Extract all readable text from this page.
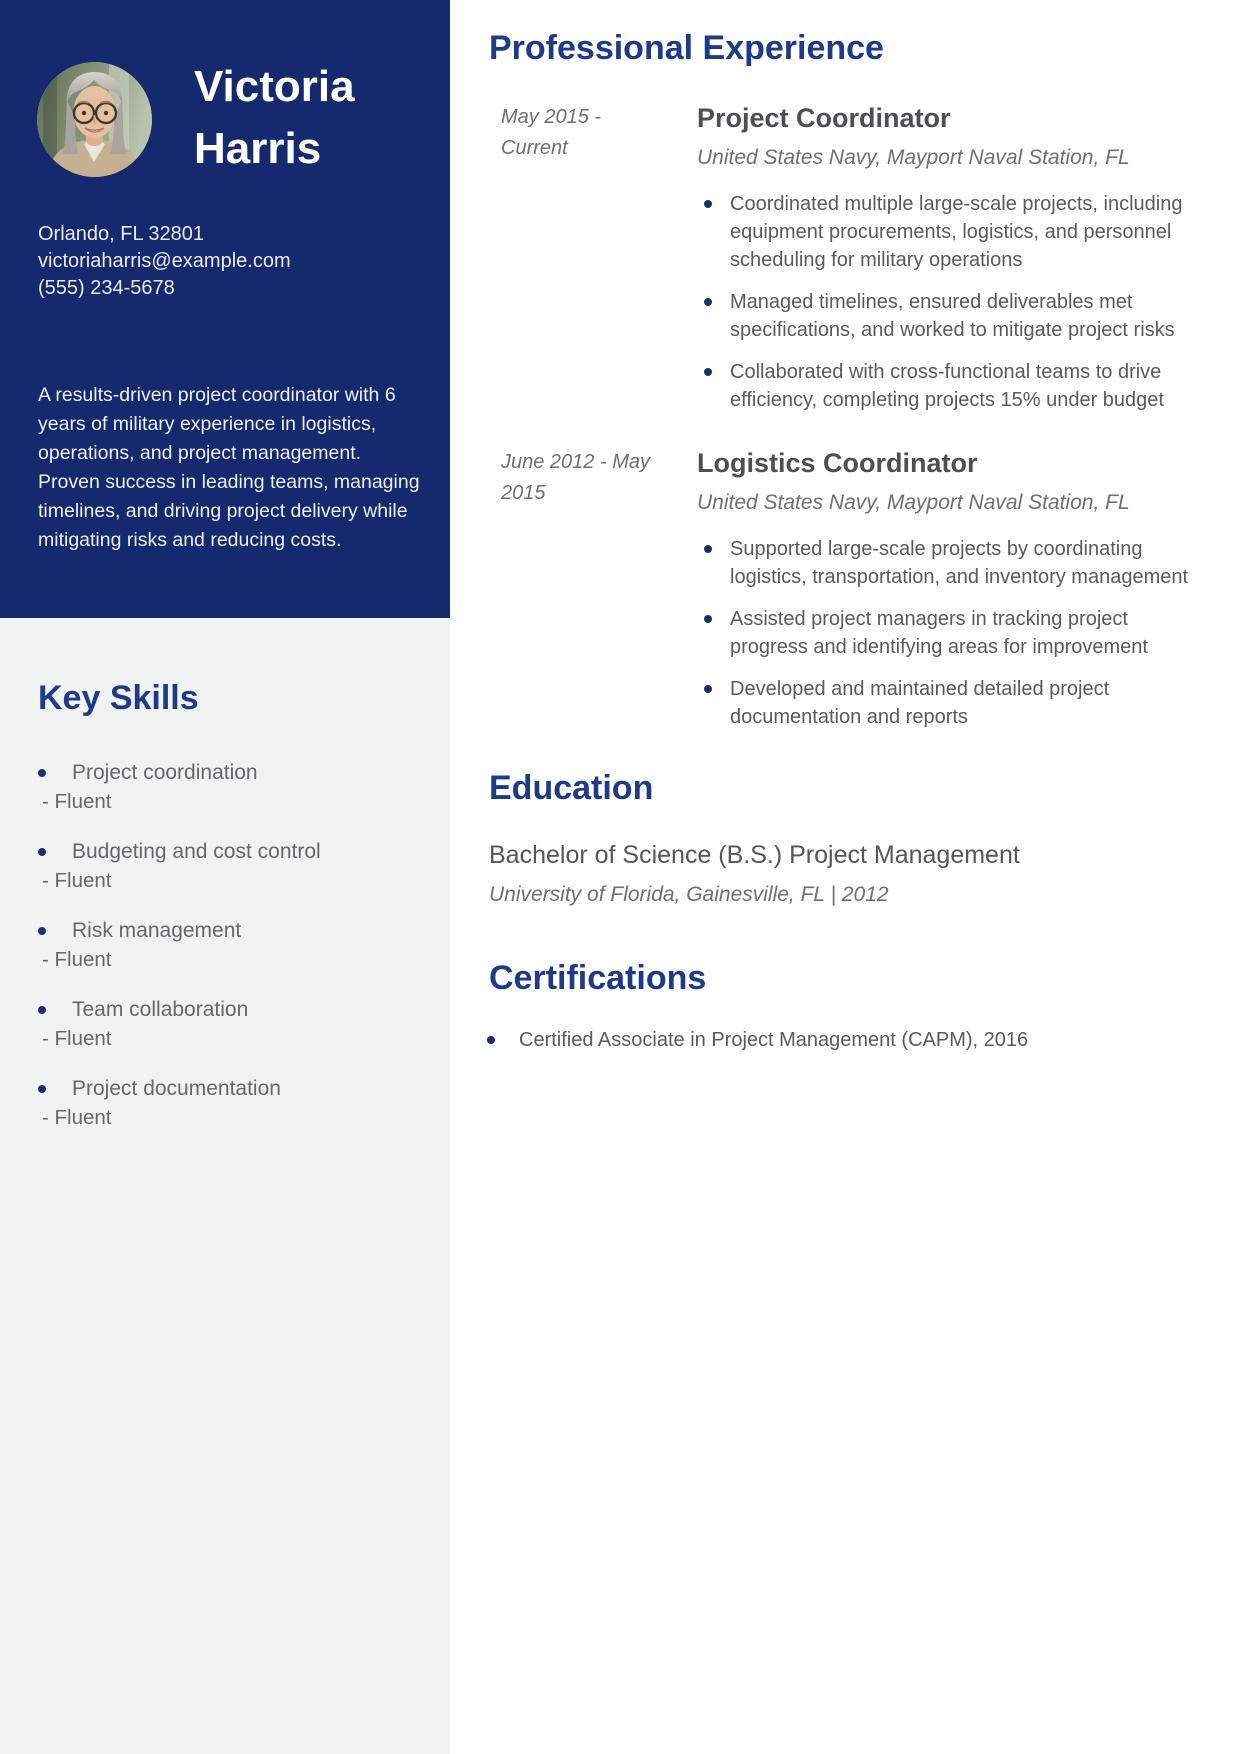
Victoria Harris
Orlando, FL 32801
victoriaharris@example.com
(555) 234-5678
A results-driven project coordinator with 6 years of military experience in logistics, operations, and project management. Proven success in leading teams, managing timelines, and driving project delivery while mitigating risks and reducing costs.
Key Skills
Project coordination
- Fluent
Budgeting and cost control
- Fluent
Risk management
- Fluent
Team collaboration
- Fluent
Project documentation
- Fluent
Professional Experience
May 2015 - Current
Project Coordinator
United States Navy, Mayport Naval Station, FL
Coordinated multiple large-scale projects, including equipment procurements, logistics, and personnel scheduling for military operations
Managed timelines, ensured deliverables met specifications, and worked to mitigate project risks
Collaborated with cross-functional teams to drive efficiency, completing projects 15% under budget
June 2012 - May 2015
Logistics Coordinator
United States Navy, Mayport Naval Station, FL
Supported large-scale projects by coordinating logistics, transportation, and inventory management
Assisted project managers in tracking project progress and identifying areas for improvement
Developed and maintained detailed project documentation and reports
Education
Bachelor of Science (B.S.) Project Management
University of Florida, Gainesville, FL | 2012
Certifications
Certified Associate in Project Management (CAPM), 2016
